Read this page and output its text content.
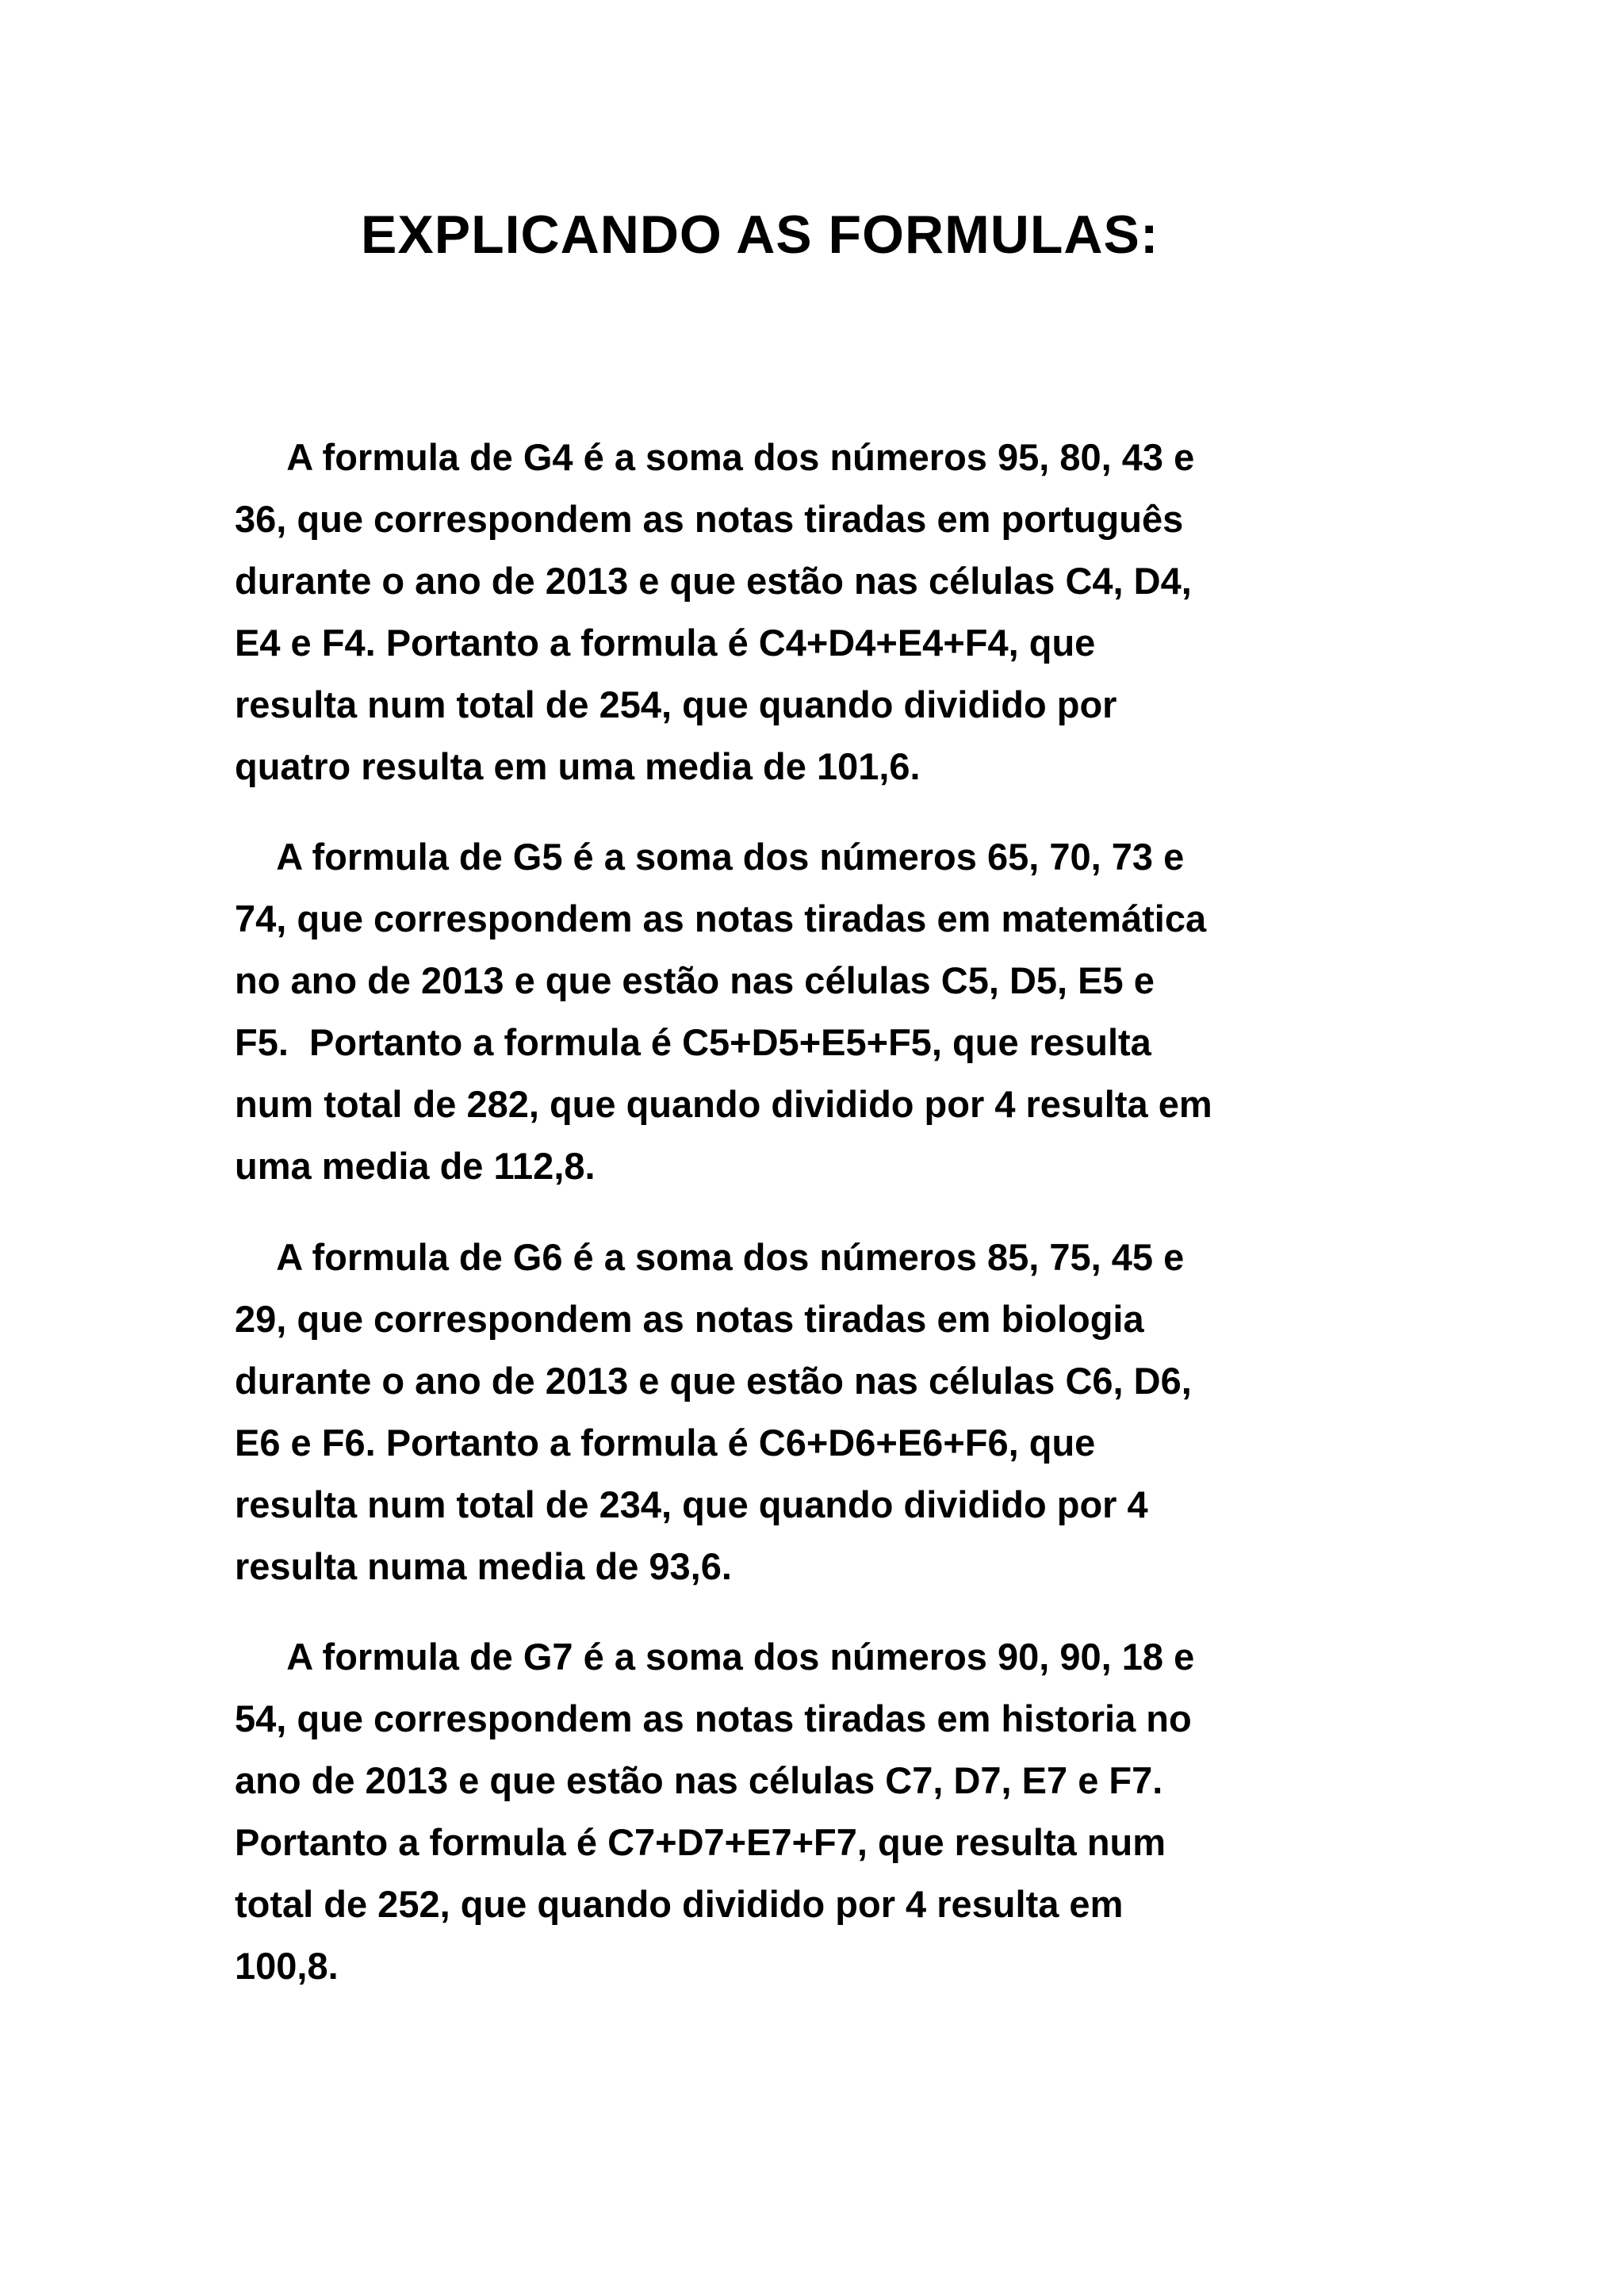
EXPLICANDO AS FORMULAS:

A formula de G4 é a soma dos números 95, 80, 43 e
36, que correspondem as notas tiradas em português
durante o ano de 2013 e que estão nas células C4, D4,
E4 e F4. Portanto a formula é C4+D4+E4+F4, que
resulta num total de 254, que quando dividido por
quatro resulta em uma media de 101,6.

A formula de G5 é a soma dos números 65, 70, 73 e
74, que correspondem as notas tiradas em matemática
no ano de 2013 e que estão nas células C5, D5, E5 e
F5.  Portanto a formula é C5+D5+E5+F5, que resulta
num total de 282, que quando dividido por 4 resulta em
uma media de 112,8.

A formula de G6 é a soma dos números 85, 75, 45 e
29, que correspondem as notas tiradas em biologia
durante o ano de 2013 e que estão nas células C6, D6,
E6 e F6. Portanto a formula é C6+D6+E6+F6, que
resulta num total de 234, que quando dividido por 4
resulta numa media de 93,6.

A formula de G7 é a soma dos números 90, 90, 18 e
54, que correspondem as notas tiradas em historia no
ano de 2013 e que estão nas células C7, D7, E7 e F7.
Portanto a formula é C7+D7+E7+F7, que resulta num
total de 252, que quando dividido por 4 resulta em
100,8.
